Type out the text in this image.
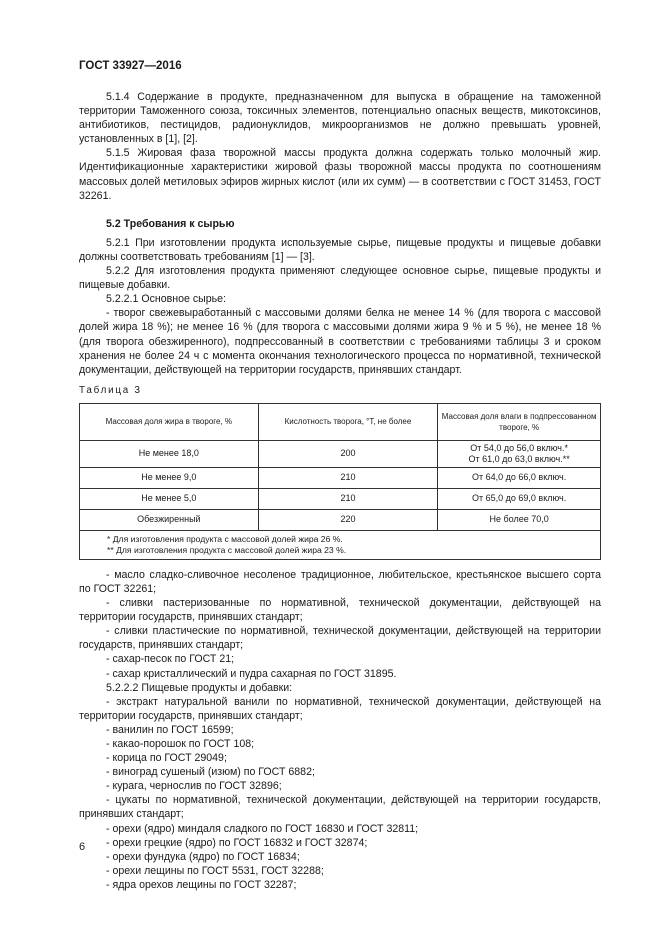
ГОСТ 33927—2016

5.1.4 Содержание в продукте, предназначенном для выпуска в обращение на таможенной территории Таможенного союза, токсичных элементов, потенциально опасных веществ, микотоксинов, антибиотиков, пестицидов, радионуклидов, микроорганизмов не должно превышать уровней, установленных в [1], [2].

5.1.5 Жировая фаза творожной массы продукта должна содержать только молочный жир. Идентификационные характеристики жировой фазы творожной массы продукта по соотношениям массовых долей метиловых эфиров жирных кислот (или их сумм) — в соответствии с ГОСТ 31453, ГОСТ 32261.

5.2 Требования к сырью

5.2.1 При изготовлении продукта используемые сырье, пищевые продукты и пищевые добавки должны соответствовать требованиям [1] — [3].

5.2.2 Для изготовления продукта применяют следующее основное сырье, пищевые продукты и пищевые добавки.

5.2.2.1 Основное сырье:

- творог свежевыработанный с массовыми долями белка не менее 14 % (для творога с массовой долей жира 18 %); не менее 16 % (для творога с массовыми долями жира 9 % и 5 %), не менее 18 % (для творога обезжиренного), подпрессованный в соответствии с требованиями таблицы 3 и сроком хранения не более 24 ч с момента окончания технологического процесса по нормативной, технической документации, действующей на территории государств, принявших стандарт.

Таблица 3

Массовая доля жира в твороге, %	Кислотность творога, °Т, не более	Массовая доля влаги в подпрессованном твороге, %
Не менее 18,0	200	От 54,0 до 56,0 включ.*
От 61,0 до 63,0 включ.**

Не менее 9,0	210	От 64,0 до 66,0 включ.
Не менее 5,0	210	От 65,0 до 69,0 включ.
Обезжиренный	220	Не более 70,0

* Для изготовления продукта с массовой долей жира 26 %.
** Для изготовления продукта с массовой долей жира 23 %.		

- масло сладко-сливочное несоленое традиционное, любительское, крестьянское высшего сорта по ГОСТ 32261;

- сливки пастеризованные по нормативной, технической документации, действующей на территории государств, принявших стандарт;

- сливки пластические по нормативной, технической документации, действующей на территории государств, принявших стандарт;

- сахар-песок по ГОСТ 21;

- сахар кристаллический и пудра сахарная по ГОСТ 31895.

5.2.2.2 Пищевые продукты и добавки:

- экстракт натуральной ванили по нормативной, технической документации, действующей на территории государств, принявших стандарт;

- ванилин по ГОСТ 16599;

- какао-порошок по ГОСТ 108;

- корица по ГОСТ 29049;

- виноград сушеный (изюм) по ГОСТ 6882;

- курага, чернослив по ГОСТ 32896;

- цукаты по нормативной, технической документации, действующей на территории государств, принявших стандарт;

- орехи (ядро) миндаля сладкого по ГОСТ 16830 и ГОСТ 32811;

- орехи грецкие (ядро) по ГОСТ 16832 и ГОСТ 32874;

- орехи фундука (ядро) по ГОСТ 16834;

- орехи лещины по ГОСТ 5531, ГОСТ 32288;

- ядра орехов лещины по ГОСТ 32287;

6
